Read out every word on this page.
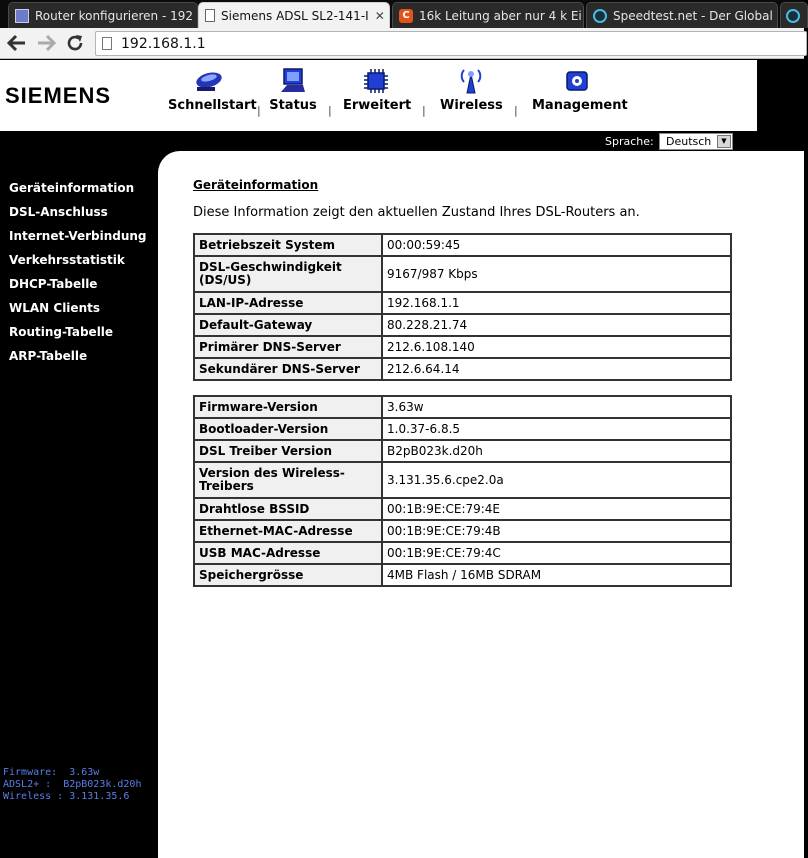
Router konfigurieren - 192 Siemens ADSL SL2-141-I ✕	C 16k Leitung aber nur 4 k Ei	Speedtest.net - Der Global
192.168.1.1
SIEMENS	Schnellstart | Status | Erweitert | Wireless | Management
Sprache:	Deutsch	▼
Geräteinformation
DSL-Anschluss
Internet-Verbindung
Verkehrsstatistik
DHCP-Tabelle
WLAN Clients
Routing-Tabelle
ARP-Tabelle
Firmware:  3.63w
ADSL2+ :  B2pB023k.d20h
Wireless : 3.131.35.6
Geräteinformation
Diese Information zeigt den aktuellen Zustand Ihres DSL-Routers an.
Betriebszeit System	00:00:59:45
DSL-Geschwindigkeit (DS/US)	9167/987 Kbps
LAN-IP-Adresse	192.168.1.1
Default-Gateway	80.228.21.74
Primärer DNS-Server	212.6.108.140
Sekundärer DNS-Server	212.6.64.14
Firmware-Version	3.63w
Bootloader-Version	1.0.37-6.8.5
DSL Treiber Version	B2pB023k.d20h
Version des Wireless-Treibers	3.131.35.6.cpe2.0a
Drahtlose BSSID	00:1B:9E:CE:79:4E
Ethernet-MAC-Adresse	00:1B:9E:CE:79:4B
USB MAC-Adresse	00:1B:9E:CE:79:4C
Speichergrösse	4MB Flash / 16MB SDRAM
